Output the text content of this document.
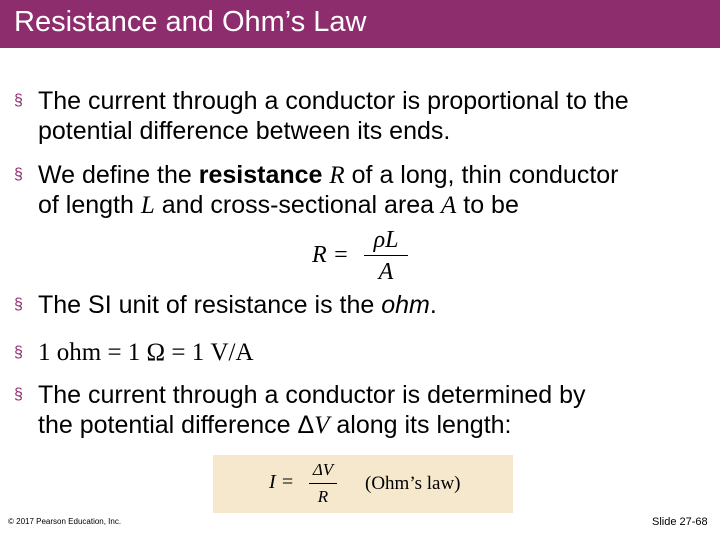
Resistance and Ohm’s Law
§ The current through a conductor is proportional to the
potential difference between its ends.
§ We define the resistance R of a long, thin conductor
of length L and cross-sectional area A to be
R =
ρL
A
§ The SI unit of resistance is the ohm.
§ 1 ohm = 1 Ω = 1 V/A
§ The current through a conductor is determined by
the potential difference ΔV along its length:
I =
ΔV
R
(Ohm’s law)
© 2017 Pearson Education, Inc.	Slide 27-68
